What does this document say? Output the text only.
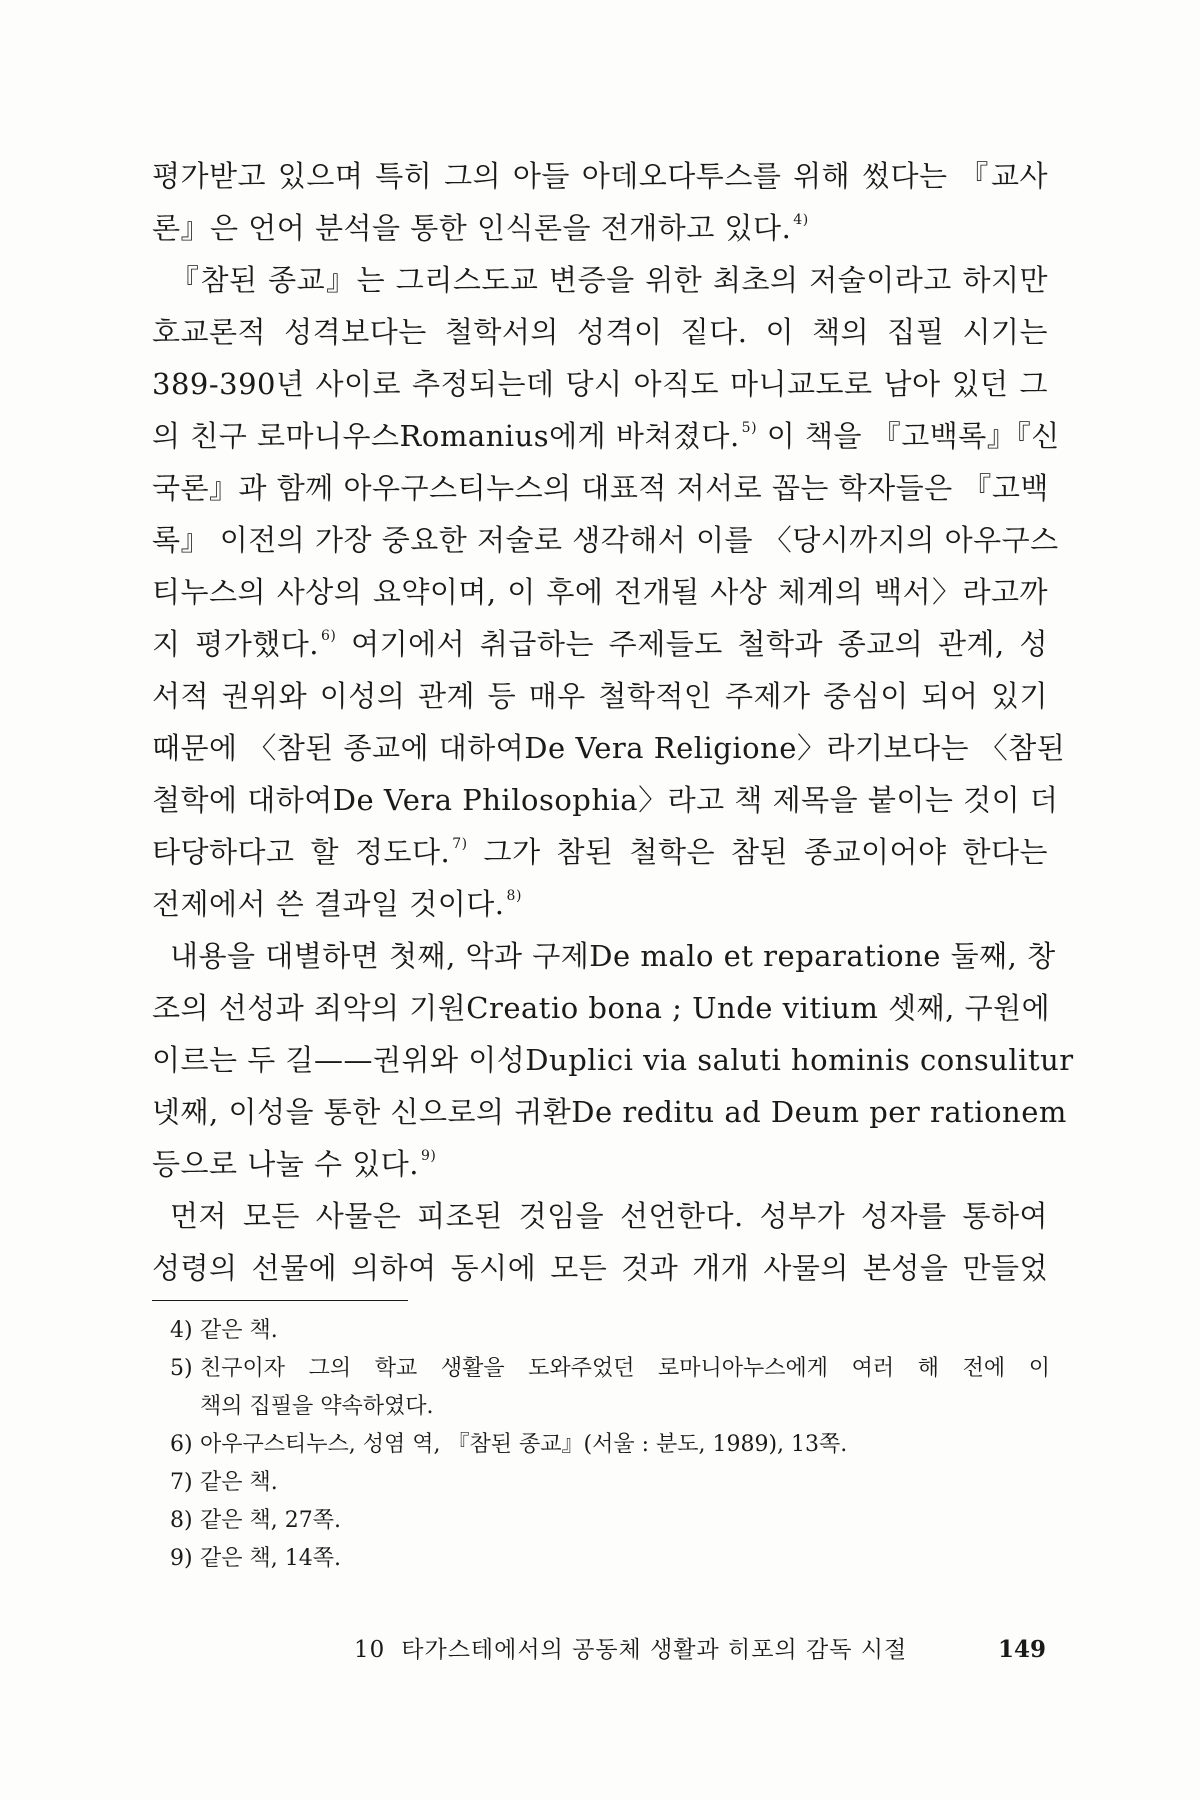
평가받고 있으며 특히 그의 아들 아데오다투스를 위해 썼다는 『교사
론』은 언어 분석을 통한 인식론을 전개하고 있다. $^{4)}$
『참된 종교』는 그리스도교 변증을 위한 최초의 저술이라고 하지만
호교론적 성격보다는 철학서의 성격이 짙다. 이 책의 집필 시기는
389-390년 사이로 추정되는데 당시 아직도 마니교도로 남아 있던 그
의 친구 로마니우스Romanius에게 바쳐졌다. $^{5)}$ 이 책을 『고백록』『신
국론』과 함께 아우구스티누스의 대표적 저서로 꼽는 학자들은 『고백
록』 이전의 가장 중요한 저술로 생각해서 이를 〈당시까지의 아우구스
티누스의 사상의 요약이며, 이 후에 전개될 사상 체계의 백서〉라고까
지 평가했다. $^{6)}$ 여기에서 취급하는 주제들도 철학과 종교의 관계, 성
서적 권위와 이성의 관계 등 매우 철학적인 주제가 중심이 되어 있기
때문에 〈참된 종교에 대하여De Vera Religione〉라기보다는 〈참된
철학에 대하여De Vera Philosophia〉라고 책 제목을 붙이는 것이 더
타당하다고 할 정도다. $^{7)}$ 그가 참된 철학은 참된 종교이어야 한다는
전제에서 쓴 결과일 것이다. $^{8)}$
내용을 대별하면 첫째, 악과 구제De malo et reparatione 둘째, 창
조의 선성과 죄악의 기원Creatio bona ; Unde vitium 셋째, 구원에
이르는 두 길——권위와 이성Duplici via saluti hominis consulitur
넷째, 이성을 통한 신으로의 귀환De reditu ad Deum per rationem
등으로 나눌 수 있다. $^{9)}$
먼저 모든 사물은 피조된 것임을 선언한다. 성부가 성자를 통하여
성령의 선물에 의하여 동시에 모든 것과 개개 사물의 본성을 만들었
4) 같은 책.
5) 친구이자 그의 학교 생활을 도와주었던 로마니아누스에게 여러 해 전에 이
책의 집필을 약속하였다.
6) 아우구스티누스, 성염 역, 『참된 종교』(서울 : 분도, 1989), 13쪽.
7) 같은 책.
8) 같은 책, 27쪽.
9) 같은 책, 14쪽.
10 타가스테에서의 공동체 생활과 히포의 감독 시절	149
